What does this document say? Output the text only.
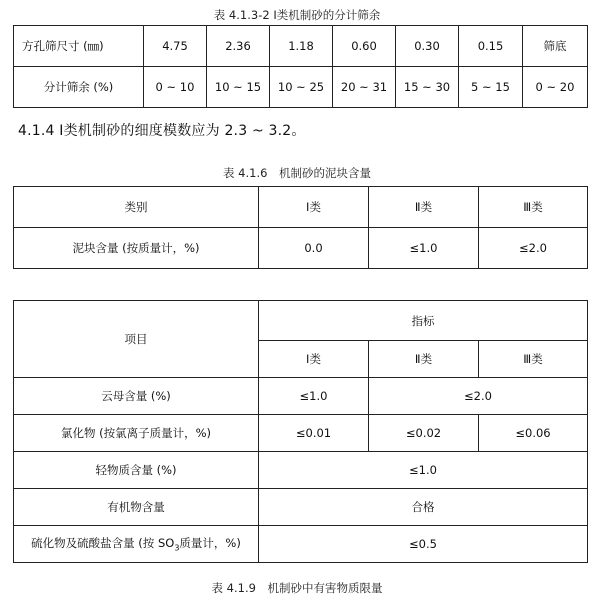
表 4.1.3-2 Ⅰ类机制砂的分计筛余
方孔筛尺寸 (㎜)	4.75	2.36	1.18	0.60	0.30	0.15	筛底
分计筛余 (%)	0 ~ 10	10 ~ 15	10 ~ 25	20 ~ 31	15 ~ 30	5 ~ 15	0 ~ 20
4.1.4 Ⅰ类机制砂的细度模数应为 2.3 ~ 3.2。
表 4.1.6　机制砂的泥块含量
类别	Ⅰ类	Ⅱ类	Ⅲ类
泥块含量 (按质量计，%)	0.0	≤1.0	≤2.0
项目	指标		
	Ⅰ类	Ⅱ类	Ⅲ类
云母含量 (%)	≤1.0	≤2.0	
氯化物 (按氯离子质量计，%)	≤0.01	≤0.02	≤0.06
轻物质含量 (%)	≤1.0		
有机物含量	合格		
硫化物及硫酸盐含量 (按 $SO_3$质量计，%)	≤0.5		
表 4.1.9　机制砂中有害物质限量
